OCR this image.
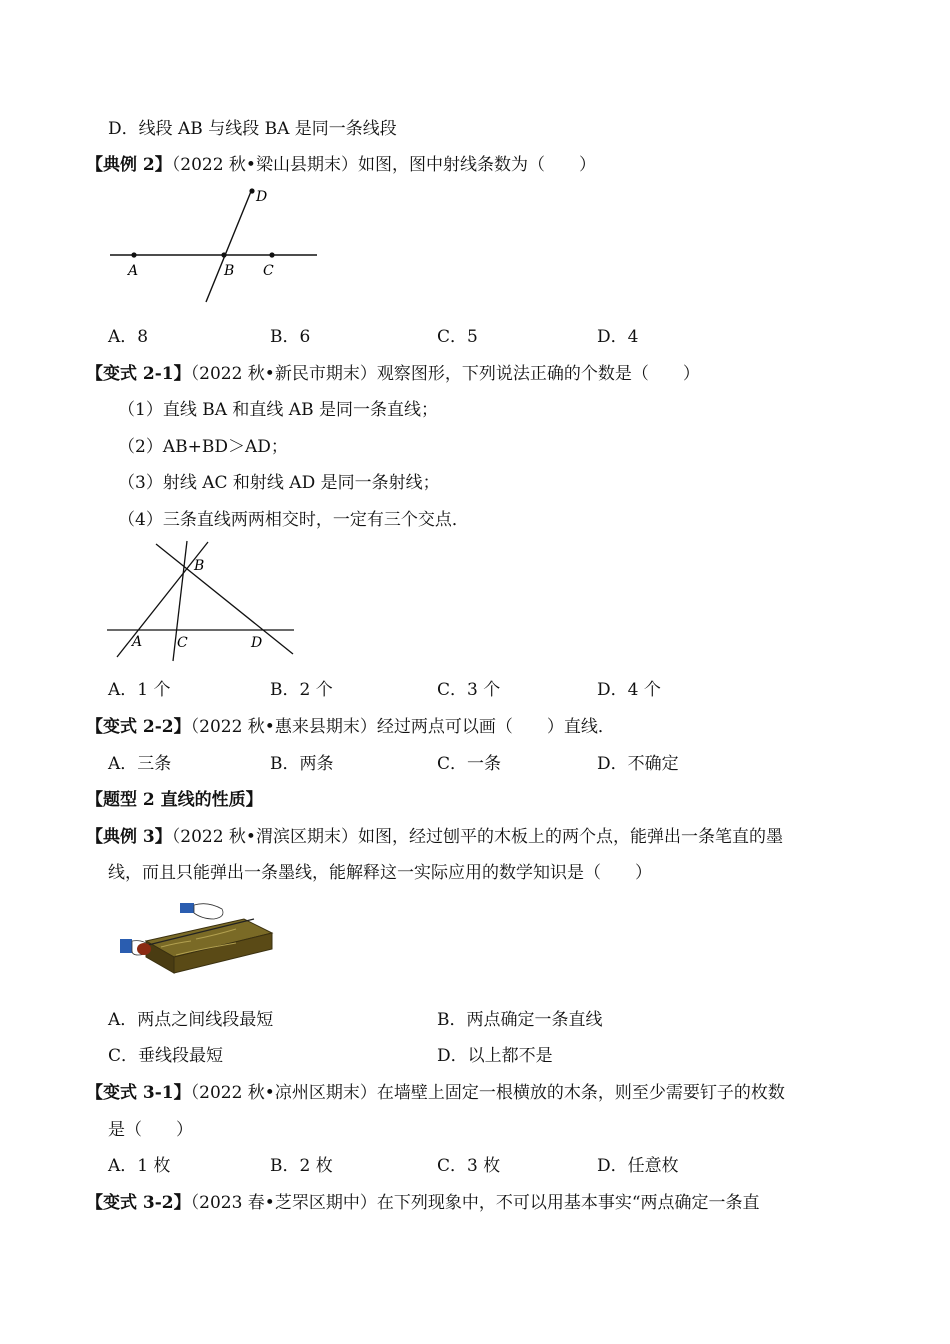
D．线段 AB 与线段 BA 是同一条线段
【典例 2】（2022 秋•梁山县期末）如图，图中射线条数为（　　）
A	B C
D
A．8	B．6	C．5	D．4
【变式 2-1】（2022 秋•新民市期末）观察图形，下列说法正确的个数是（　　）
（1）直线 BA 和直线 AB 是同一条直线；
（2）AB+BD＞AD；
（3）射线 AC 和射线 AD 是同一条射线；
（4）三条直线两两相交时，一定有三个交点．
B
A C	D
A．1 个	B．2 个	C．3 个	D．4 个
【变式 2-2】（2022 秋•惠来县期末）经过两点可以画（　　）直线．
A．三条	B．两条	C．一条	D．不确定
【题型 2 直线的性质】
【典例 3】（2022 秋•渭滨区期末）如图，经过刨平的木板上的两个点，能弹出一条笔直的墨
线，而且只能弹出一条墨线，能解释这一实际应用的数学知识是（　　）
A．两点之间线段最短	B．两点确定一条直线
C．垂线段最短	D．以上都不是
【变式 3-1】（2022 秋•凉州区期末）在墙壁上固定一根横放的木条，则至少需要钉子的枚数
是（　　）
A．1 枚	B．2 枚	C．3 枚	D．任意枚
【变式 3-2】（2023 春•芝罘区期中）在下列现象中，不可以用基本事实“两点确定一条直
